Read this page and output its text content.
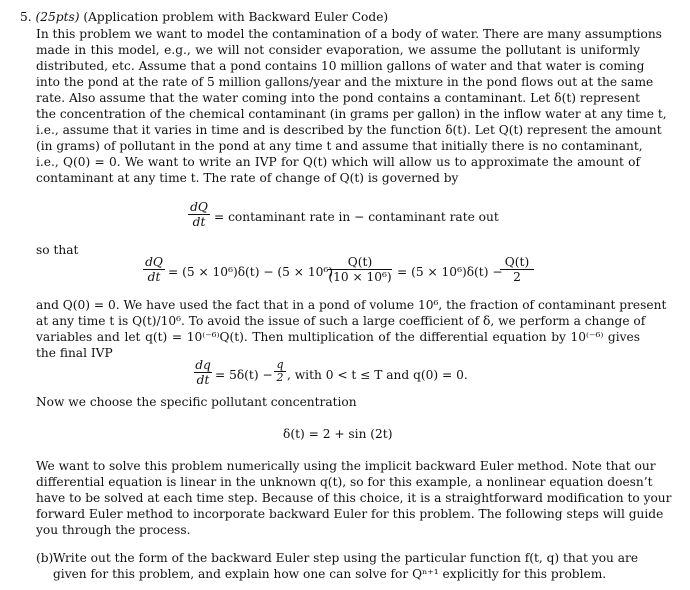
5. (25pts) (Application problem with Backward Euler Code)
In this problem we want to model the contamination of a body of water. There are many assumptions
made in this model, e.g., we will not consider evaporation, we assume the pollutant is uniformly
distributed, etc. Assume that a pond contains 10 million gallons of water and that water is coming
into the pond at the rate of 5 million gallons/year and the mixture in the pond flows out at the same
rate. Also assume that the water coming into the pond contains a contaminant. Let δ(t) represent
the concentration of the chemical contaminant (in grams per gallon) in the inflow water at any time t,
i.e., assume that it varies in time and is described by the function δ(t). Let Q(t) represent the amount
(in grams) of pollutant in the pond at any time t and assume that initially there is no contaminant,
i.e., Q(0) = 0. We want to write an IVP for Q(t) which will allow us to approximate the amount of
contaminant at any time t. The rate of change of Q(t) is governed by
dQ
dt = contaminant rate in − contaminant rate out
so that
dQ
dt = (5 × 10⁶)δ(t) − (5 × 10⁶)
Q(t)
(10 × 10⁶) = (5 × 10⁶)δ(t) −
Q(t)
2
and Q(0) = 0. We have used the fact that in a pond of volume 10⁶, the fraction of contaminant present
at any time t is Q(t)/10⁶. To avoid the issue of such a large coefficient of δ, we perform a change of
variables and let q(t) = 10⁽⁻⁶⁾Q(t). Then multiplication of the differential equation by 10⁽⁻⁶⁾ gives
the final IVP
dq
dt = 5δ(t) −
q
2 , with 0 < t ≤ T and q(0) = 0.
Now we choose the specific pollutant concentration
δ(t) = 2 + sin (2t)
We want to solve this problem numerically using the implicit backward Euler method. Note that our
differential equation is linear in the unknown q(t), so for this example, a nonlinear equation doesn’t
have to be solved at each time step. Because of this choice, it is a straightforward modification to your
forward Euler method to incorporate backward Euler for this problem. The following steps will guide
you through the process.
(b) Write out the form of the backward Euler step using the particular function f(t, q) that you are
given for this problem, and explain how one can solve for Qⁿ⁺¹ explicitly for this problem.
